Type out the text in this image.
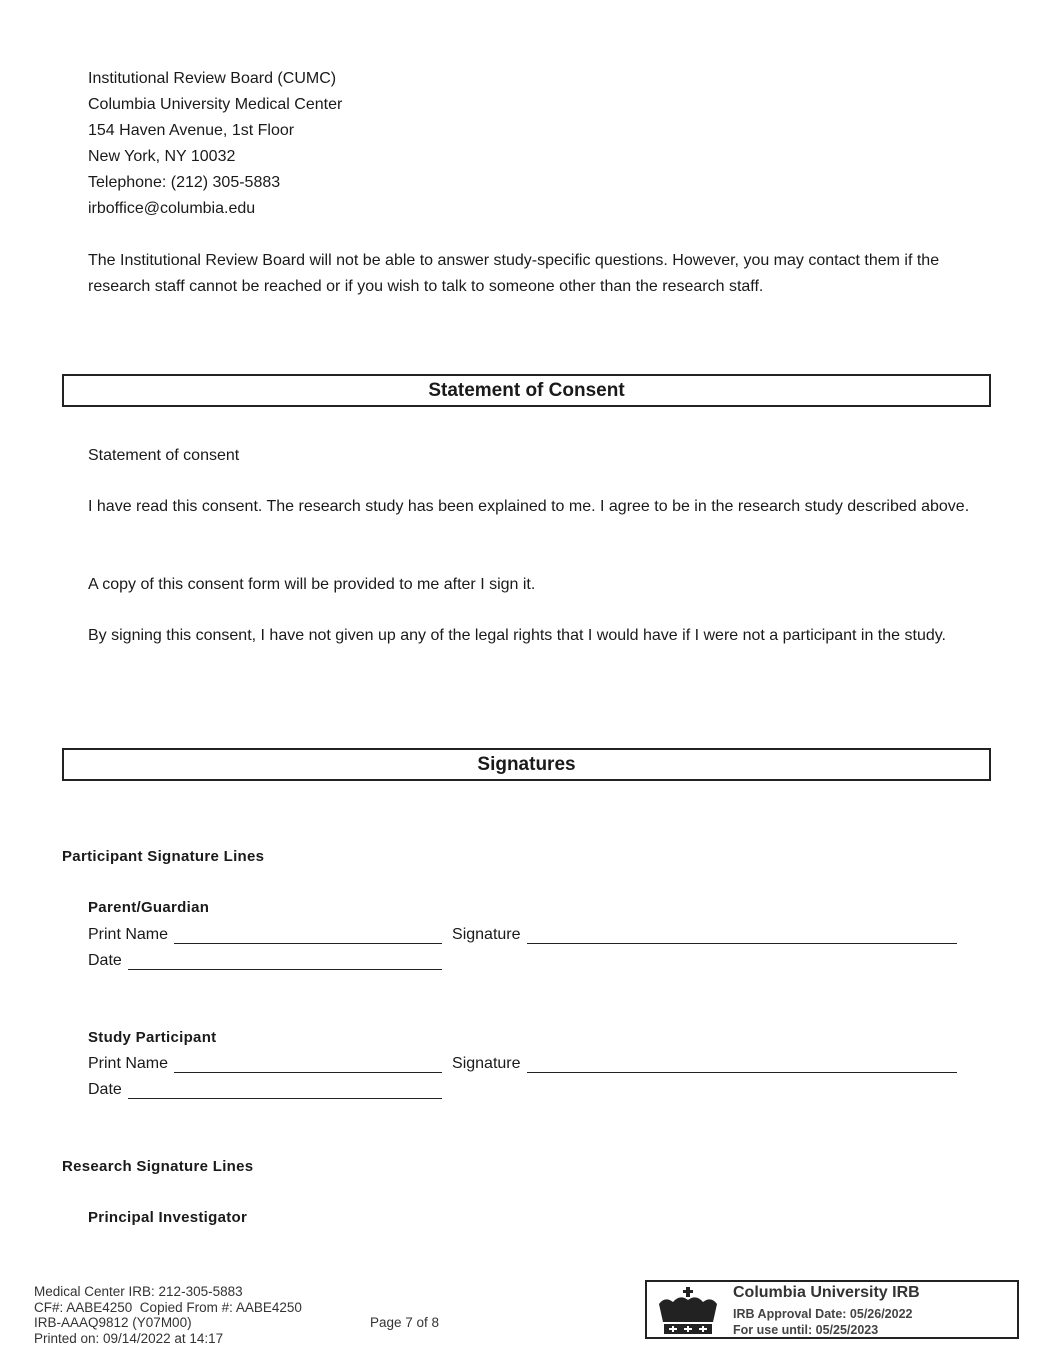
Institutional Review Board (CUMC)
Columbia University Medical Center
154 Haven Avenue, 1st Floor
New York, NY 10032
Telephone: (212) 305-5883
irboffice@columbia.edu

The Institutional Review Board will not be able to answer study-specific questions. However, you may contact them if the research staff cannot be reached or if you wish to talk to someone other than the research staff.

Statement of Consent

Statement of consent

I have read this consent. The research study has been explained to me. I agree to be in the research study described above.

A copy of this consent form will be provided to me after I sign it.

By signing this consent, I have not given up any of the legal rights that I would have if I were not a participant in the study.

Signatures
Participant Signature Lines
Parent/Guardian
Print Name	Signature
Date
Study Participant
Print Name	Signature
Date
Research Signature Lines
Principal Investigator
Medical Center IRB: 212-305-5883
CF#: AABE4250  Copied From #: AABE4250
IRB-AAAQ9812 (Y07M00)
Printed on: 09/14/2022 at 14:17
Page 7 of 8
Columbia University IRB
IRB Approval Date: 05/26/2022
For use until: 05/25/2023
